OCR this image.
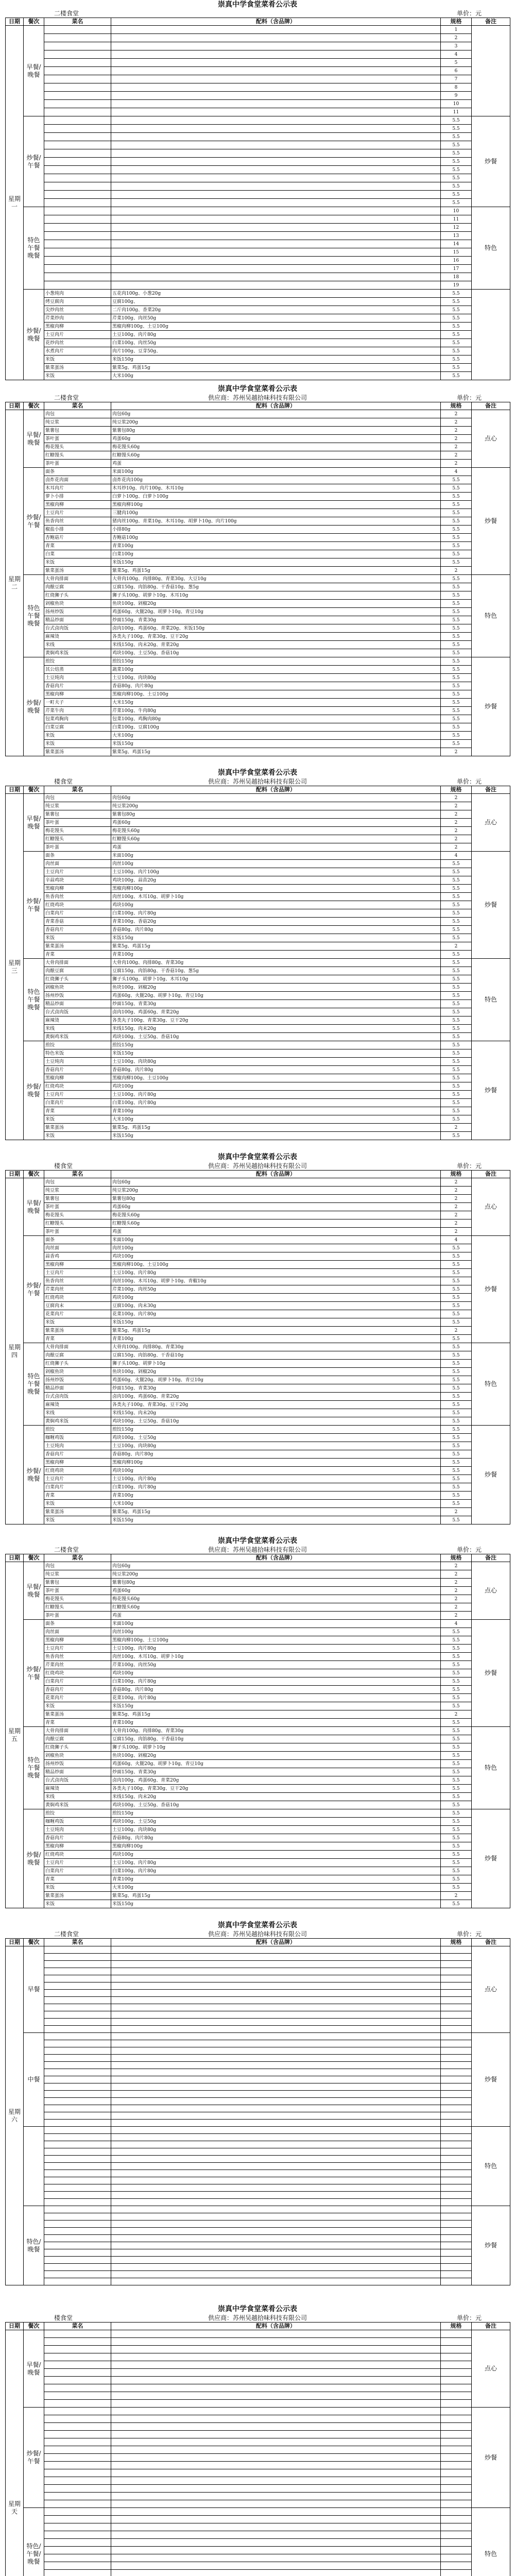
崇真中学食堂菜肴公示表
二楼食堂	单价：元
日期	餐次	菜名	配料（含品牌）	规格	备注
星期一	早餐/晚餐			1	
				2	
				3	
				4	
				5	
				6	
				7	
				8	
				9	
				10	
				11	
	炒餐/午餐			5.5	炒餐
				5.5	
				5.5	
				5.5	
				5.5	
				5.5	
				5.5	
				5.5	
				5.5	
				5.5	
				5.5	
	特色午餐晚餐			10	特色
				11	
				12	
				13	
				14	
				15	
				16	
				17	
				18	
				19	
	炒餐/晚餐	小葱炖肉	五花肉100g、小葱20g	5.5	
		烤豆腐肉	豆腐100g、	5.5	
		尖炒肉丝	二斤肉100g、香菜20g	5.5	
		芹菜炒肉	芹菜100g、肉丝50g	5.5	
		黑椒肉柳	黑椒肉柳100g、土豆100g	5.5	
		土豆肉片	土豆100g、肉片80g	5.5	
		花炒肉丝	白菜100g、肉丝50g	5.5	
		水煮肉片	肉片100g、豆芽50g、	5.5	
		米饭	米饭150g	5.5	
		紫菜蛋汤	紫菜5g、鸡蛋15g	5.5	
		米饭	大米100g	5.5	
崇真中学食堂菜肴公示表
二楼食堂	供应商：苏州吴越拾味科技有限公司	单价：元
日期	餐次	菜名	配料（含品牌）	规格	备注
星期二	早餐/晚餐	肉包	肉包60g	2	点心
		纯豆浆	纯豆浆200g	2	
		紫薯包	紫薯包80g	2	
		茶叶蛋	鸡蛋60g	2	
		梅花馒头	梅花馒头60g	2	
		红糖馒头	红糖馒头60g	2	
		茶叶蛋	鸡蛋	2	
	炒餐/午餐	面条	米面100g	4	炒餐
		卤炸花肉面	卤炸花肉100g	5.5	
		木耳肉片	木耳炒10g、肉片100g、木耳10g	5.5	
		萝卜小排	白萝卜100g、白萝卜100g	5.5	
		黑椒肉柳	黑椒肉柳100g	5.5	
		土豆肉片	三腱肉100g	5.5	
		鱼香肉丝	猪肉丝100g、青菜10g、木耳10g、胡萝卜10g、肉片100g	5.5	
		椒盐小排	小排80g	5.5	
		杏鲍菇片	杏鲍菇100g	5.5	
		青菜	青菜100g	5.5	
		白菜	白菜100g	5.5	
		米饭	米饭150g	5.5	
		紫菜蛋汤	紫菜5g、鸡蛋15g	2	
	特色午餐晚餐	大骨肉排面	大骨肉100g、肉排80g、青菜30g、大豆10g	5.5	特色
		肉酿豆腐	豆腐150g、肉馅80g、干香菇10g、葱5g	5.5	
		红烧狮子头	狮子头100g、胡萝卜10g、木耳10g	5.5	
		剁椒鱼块	鱼块100g、剁椒20g	5.5	
		扬州炒饭	鸡蛋60g、火腿20g、胡萝卜10g、青豆10g	5.5	
		精品炒面	炒面150g、青菜30g	5.5	
		台式卤肉饭	卤肉100g、鸡蛋60g、青菜20g、米饭150g	5.5	
		麻辣烫	各类丸子100g、青菜30g、豆干20g	5.5	
		米线	米线150g、肉末20g、青菜20g	5.5	
		黄焖鸡米饭	鸡块100g、土豆50g、香菇10g	5.5	
	炒餐/晚餐	煎饺	煎饺150g	5.5	炒餐
		其公焙蒸	蔬菜100g	5.5	
		土豆炖肉	土豆100g、肉块80g	5.5	
		香菇肉片	香菇80g、肉片80g	5.5	
		黑椒肉柳	黑椒肉柳100g、土豆100g	5.5	
		一町夫子	大米150g	5.5	
		芹菜牛肉	芹菜100g、牛肉80g	5.5	
		包菜鸡胸肉	包菜100g、鸡胸肉80g	5.5	
		白菜豆腐	白菜100g、豆腐100g	5.5	
		米饭	大米100g	5.5	
		米饭	米饭150g	5.5	
		紫菜蛋汤	紫菜5g、鸡蛋15g	2	
崇真中学食堂菜肴公示表
楼食堂	供应商：苏州吴越拾味科技有限公司	单价：元
日期	餐次	菜名	配料（含品牌）	规格	备注
星期三	早餐/晚餐	肉包	肉包60g	2	点心
		纯豆浆	纯豆浆200g	2	
		紫薯包	紫薯包80g	2	
		茶叶蛋	鸡蛋60g	2	
		梅花馒头	梅花馒头60g	2	
		红糖馒头	红糖馒头60g	2	
		茶叶蛋	鸡蛋	2	
	炒餐/午餐	面条	米面100g	4	炒餐
		肉丝面	肉丝100g	5.5	
		土豆肉片	土豆100g、肉片100g	5.5	
		辛蒜鸡块	鸡块100g、蒜苗20g	5.5	
		黑椒肉柳	黑椒肉柳100g	5.5	
		鱼香肉丝	肉丝100g、木耳10g、胡萝卜10g	5.5	
		红烧鸡块	鸡块100g	5.5	
		白菜肉片	白菜100g、肉片80g	5.5	
		青菜香菇	青菜100g、香菇20g	5.5	
		香菇肉片	香菇80g、肉片80g	5.5	
		米饭	米饭150g	5.5	
		紫菜蛋汤	紫菜5g、鸡蛋15g	2	
		青菜	青菜100g	5.5	
	特色午餐晚餐	大骨肉排面	大骨肉100g、肉排80g、青菜30g	5.5	特色
		肉酿豆腐	豆腐150g、肉馅80g、干香菇10g、葱5g	5.5	
		红烧狮子头	狮子头100g、胡萝卜10g、木耳10g	5.5	
		剁椒鱼块	鱼块100g、剁椒20g	5.5	
		扬州炒饭	鸡蛋60g、火腿20g、胡萝卜10g、青豆10g	5.5	
		精品炒面	炒面150g、青菜30g	5.5	
		台式卤肉饭	卤肉100g、鸡蛋60g、青菜20g	5.5	
		麻辣烫	各类丸子100g、青菜30g、豆干20g	5.5	
		米线	米线150g、肉末20g	5.5	
		黄焖鸡米饭	鸡块100g、土豆50g、香菇10g	5.5	
	炒餐/晚餐	煎饺	煎饺150g	5.5	炒餐
		特色米饭	米饭150g	5.5	
		土豆炖肉	土豆100g、肉块80g	5.5	
		香菇肉片	香菇80g、肉片80g	5.5	
		黑椒肉柳	黑椒肉柳100g、土豆100g	5.5	
		红烧鸡块	鸡块100g	5.5	
		土豆肉片	土豆100g、肉片80g	5.5	
		白菜肉片	白菜100g、肉片80g	5.5	
		青菜	青菜100g	5.5	
		米饭	大米100g	5.5	
		紫菜蛋汤	紫菜5g、鸡蛋15g	2	
		米饭	米饭150g	5.5	
崇真中学食堂菜肴公示表
楼食堂	供应商：苏州吴越拾味科技有限公司	单价：元
日期	餐次	菜名	配料（含品牌）	规格	备注
星期四	早餐/晚餐	肉包	肉包60g	2	点心
		纯豆浆	纯豆浆200g	2	
		紫薯包	紫薯包80g	2	
		茶叶蛋	鸡蛋60g	2	
		梅花馒头	梅花馒头60g	2	
		红糖馒头	红糖馒头60g	2	
		茶叶蛋	鸡蛋	2	
	炒餐/午餐	面条	米面100g	4	炒餐
		肉丝面	肉丝100g	5.5	
		蒜香鸡	鸡块100g	5.5	
		黑椒肉柳	黑椒肉柳100g、土豆100g	5.5	
		土豆肉片	土豆100g、肉片80g	5.5	
		鱼香肉丝	肉丝100g、木耳10g、胡萝卜10g、青椒10g	5.5	
		芹菜肉丝	芹菜100g、肉丝50g	5.5	
		红烧鸡块	鸡块100g	5.5	
		豆腐肉末	豆腐100g、肉末30g	5.5	
		花菜肉片	花菜100g、肉片80g	5.5	
		米饭	米饭150g	5.5	
		紫菜蛋汤	紫菜5g、鸡蛋15g	2	
		青菜	青菜100g	5.5	
	特色午餐晚餐	大骨肉排面	大骨肉100g、肉排80g、青菜30g	5.5	特色
		肉酿豆腐	豆腐150g、肉馅80g、干香菇10g	5.5	
		红烧狮子头	狮子头100g、胡萝卜10g	5.5	
		剁椒鱼块	鱼块100g、剁椒20g	5.5	
		扬州炒饭	鸡蛋60g、火腿20g、胡萝卜10g、青豆10g	5.5	
		精品炒面	炒面150g、青菜30g	5.5	
		台式卤肉饭	卤肉100g、鸡蛋60g、青菜20g	5.5	
		麻辣烫	各类丸子100g、青菜30g、豆干20g	5.5	
		米线	米线150g、肉末20g	5.5	
		黄焖鸡米饭	鸡块100g、土豆50g、香菇10g	5.5	
	炒餐/晚餐	煎饺	煎饺150g	5.5	炒餐
		咖喱鸡饭	鸡块100g、土豆50g	5.5	
		土豆炖肉	土豆100g、肉块80g	5.5	
		香菇肉片	香菇80g、肉片80g	5.5	
		黑椒肉柳	黑椒肉柳100g	5.5	
		红烧鸡块	鸡块100g	5.5	
		土豆肉片	土豆100g、肉片80g	5.5	
		白菜肉片	白菜100g、肉片80g	5.5	
		青菜	青菜100g	5.5	
		米饭	大米100g	5.5	
		紫菜蛋汤	紫菜5g、鸡蛋15g	2	
		米饭	米饭150g	5.5	
崇真中学食堂菜肴公示表
二楼食堂	供应商：苏州吴越拾味科技有限公司	单价：元
日期	餐次	菜名	配料（含品牌）	规格	备注
星期五	早餐/晚餐	肉包	肉包60g	2	点心
		纯豆浆	纯豆浆200g	2	
		紫薯包	紫薯包80g	2	
		茶叶蛋	鸡蛋60g	2	
		梅花馒头	梅花馒头60g	2	
		红糖馒头	红糖馒头60g	2	
		茶叶蛋	鸡蛋	2	
	炒餐/午餐	面条	米面100g	4	炒餐
		肉丝面	肉丝100g	5.5	
		黑椒肉柳	黑椒肉柳100g、土豆100g	5.5	
		土豆肉片	土豆100g、肉片80g	5.5	
		鱼香肉丝	肉丝100g、木耳10g、胡萝卜10g	5.5	
		芹菜肉丝	芹菜100g、肉丝50g	5.5	
		红烧鸡块	鸡块100g	5.5	
		白菜肉片	白菜100g、肉片80g	5.5	
		香菇肉片	香菇80g、肉片80g	5.5	
		花菜肉片	花菜100g、肉片80g	5.5	
		米饭	米饭150g	5.5	
		紫菜蛋汤	紫菜5g、鸡蛋15g	2	
		青菜	青菜100g	5.5	
	特色午餐晚餐	大骨肉排面	大骨肉100g、肉排80g、青菜30g	5.5	特色
		肉酿豆腐	豆腐150g、肉馅80g、干香菇10g	5.5	
		红烧狮子头	狮子头100g、胡萝卜10g	5.5	
		剁椒鱼块	鱼块100g、剁椒20g	5.5	
		扬州炒饭	鸡蛋60g、火腿20g、胡萝卜10g、青豆10g	5.5	
		精品炒面	炒面150g、青菜30g	5.5	
		台式卤肉饭	卤肉100g、鸡蛋60g、青菜20g	5.5	
		麻辣烫	各类丸子100g、青菜30g、豆干20g	5.5	
		米线	米线150g、肉末20g	5.5	
		黄焖鸡米饭	鸡块100g、土豆50g、香菇10g	5.5	
	炒餐/晚餐	煎饺	煎饺150g	5.5	炒餐
		咖喱鸡饭	鸡块100g、土豆50g	5.5	
		土豆炖肉	土豆100g、肉块80g	5.5	
		香菇肉片	香菇80g、肉片80g	5.5	
		黑椒肉柳	黑椒肉柳100g	5.5	
		红烧鸡块	鸡块100g	5.5	
		土豆肉片	土豆100g、肉片80g	5.5	
		白菜肉片	白菜100g、肉片80g	5.5	
		青菜	青菜100g	5.5	
		米饭	大米100g	5.5	
		紫菜蛋汤	紫菜5g、鸡蛋15g	2	
		米饭	米饭150g	5.5	
崇真中学食堂菜肴公示表
二楼食堂	供应商：苏州吴越拾味科技有限公司	单价：元
日期	餐次	菜名	配料（含品牌）	规格	备注
星期六	早餐				点心

	中餐				炒餐

					特色

	特色/晚餐				炒餐

崇真中学食堂菜肴公示表
楼食堂	供应商：苏州吴越拾味科技有限公司	单价：元
日期	餐次	菜名	配料（含品牌）	规格	备注
星期天	早餐/晚餐				点心

	炒餐/午餐				炒餐

	特色/午餐/晚餐				特色
